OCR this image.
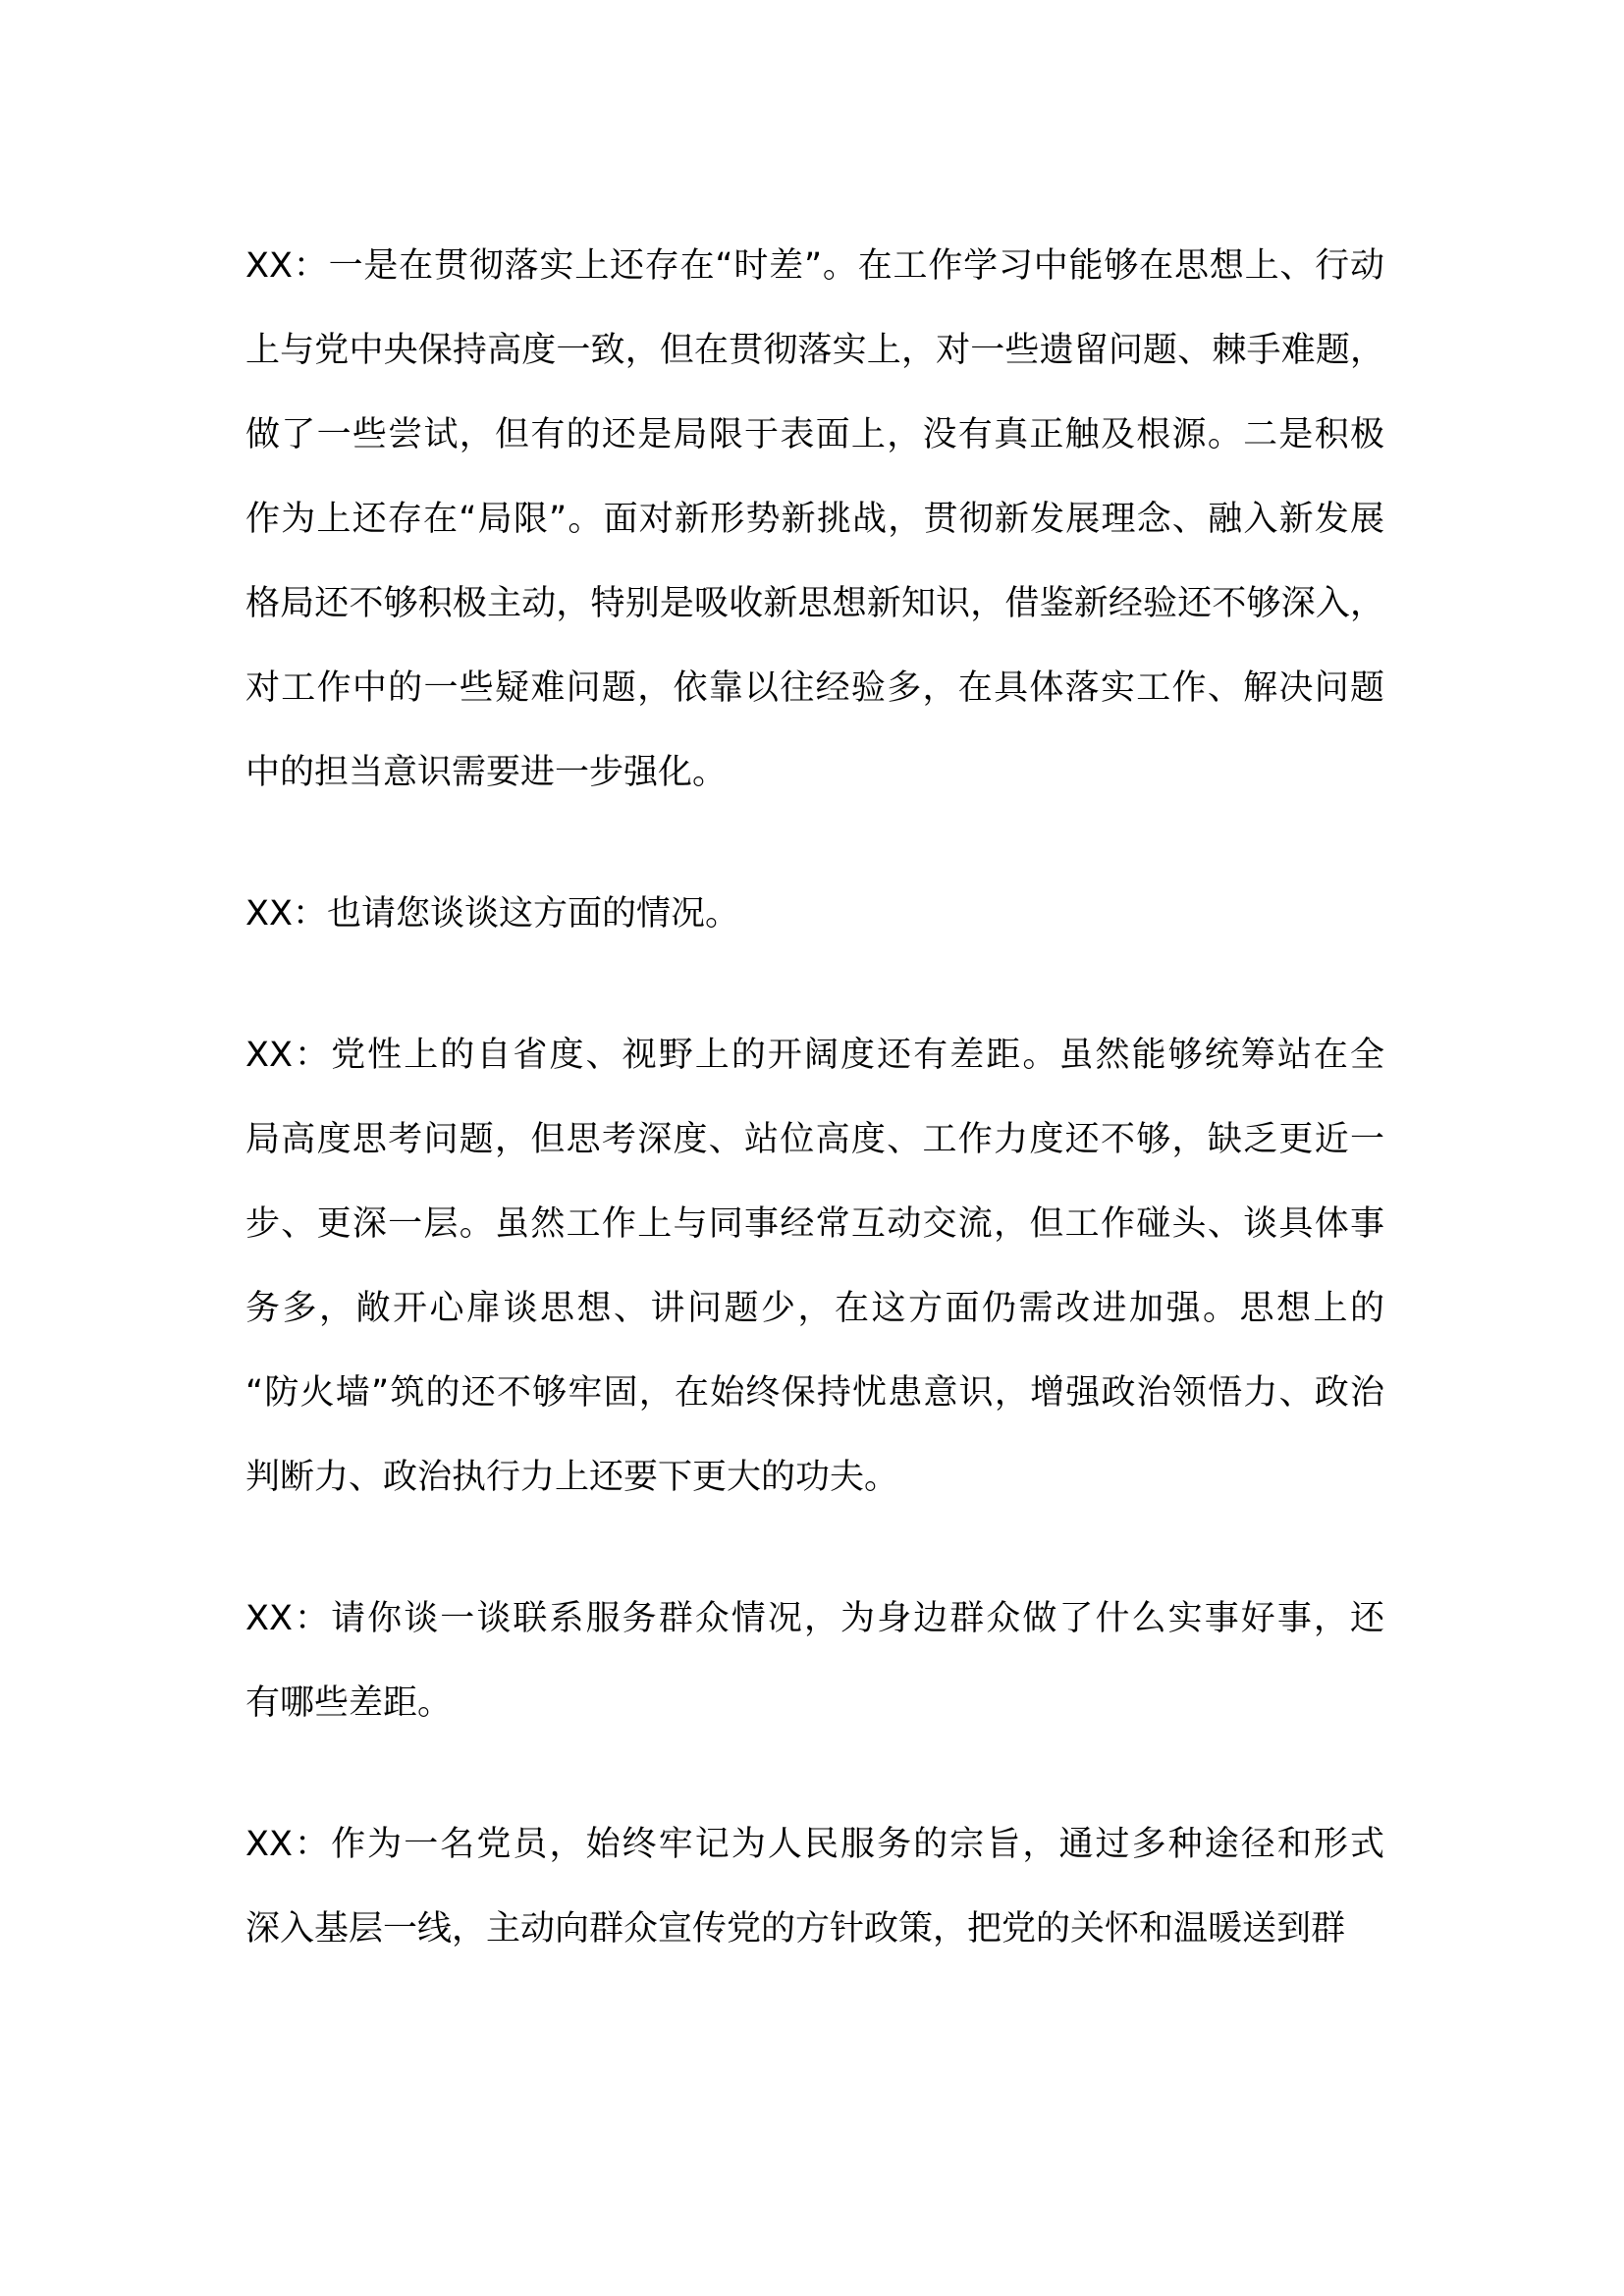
XX：一是在贯彻落实上还存在“时差”。在工作学习中能够在思想上、行动
上与党中央保持高度一致，但在贯彻落实上，对一些遗留问题、棘手难题，
做了一些尝试，但有的还是局限于表面上，没有真正触及根源。二是积极
作为上还存在“局限”。面对新形势新挑战，贯彻新发展理念、融入新发展
格局还不够积极主动，特别是吸收新思想新知识，借鉴新经验还不够深入，
对工作中的一些疑难问题，依靠以往经验多，在具体落实工作、解决问题
中的担当意识需要进一步强化。
XX：也请您谈谈这方面的情况。
XX：党性上的自省度、视野上的开阔度还有差距。虽然能够统筹站在全
局高度思考问题，但思考深度、站位高度、工作力度还不够，缺乏更近一
步、更深一层。虽然工作上与同事经常互动交流，但工作碰头、谈具体事
务多，敞开心扉谈思想、讲问题少，在这方面仍需改进加强。思想上的
“防火墙”筑的还不够牢固，在始终保持忧患意识，增强政治领悟力、政治
判断力、政治执行力上还要下更大的功夫。
XX：请你谈一谈联系服务群众情况，为身边群众做了什么实事好事，还
有哪些差距。
XX：作为一名党员，始终牢记为人民服务的宗旨，通过多种途径和形式
深入基层一线，主动向群众宣传党的方针政策，把党的关怀和温暖送到群
